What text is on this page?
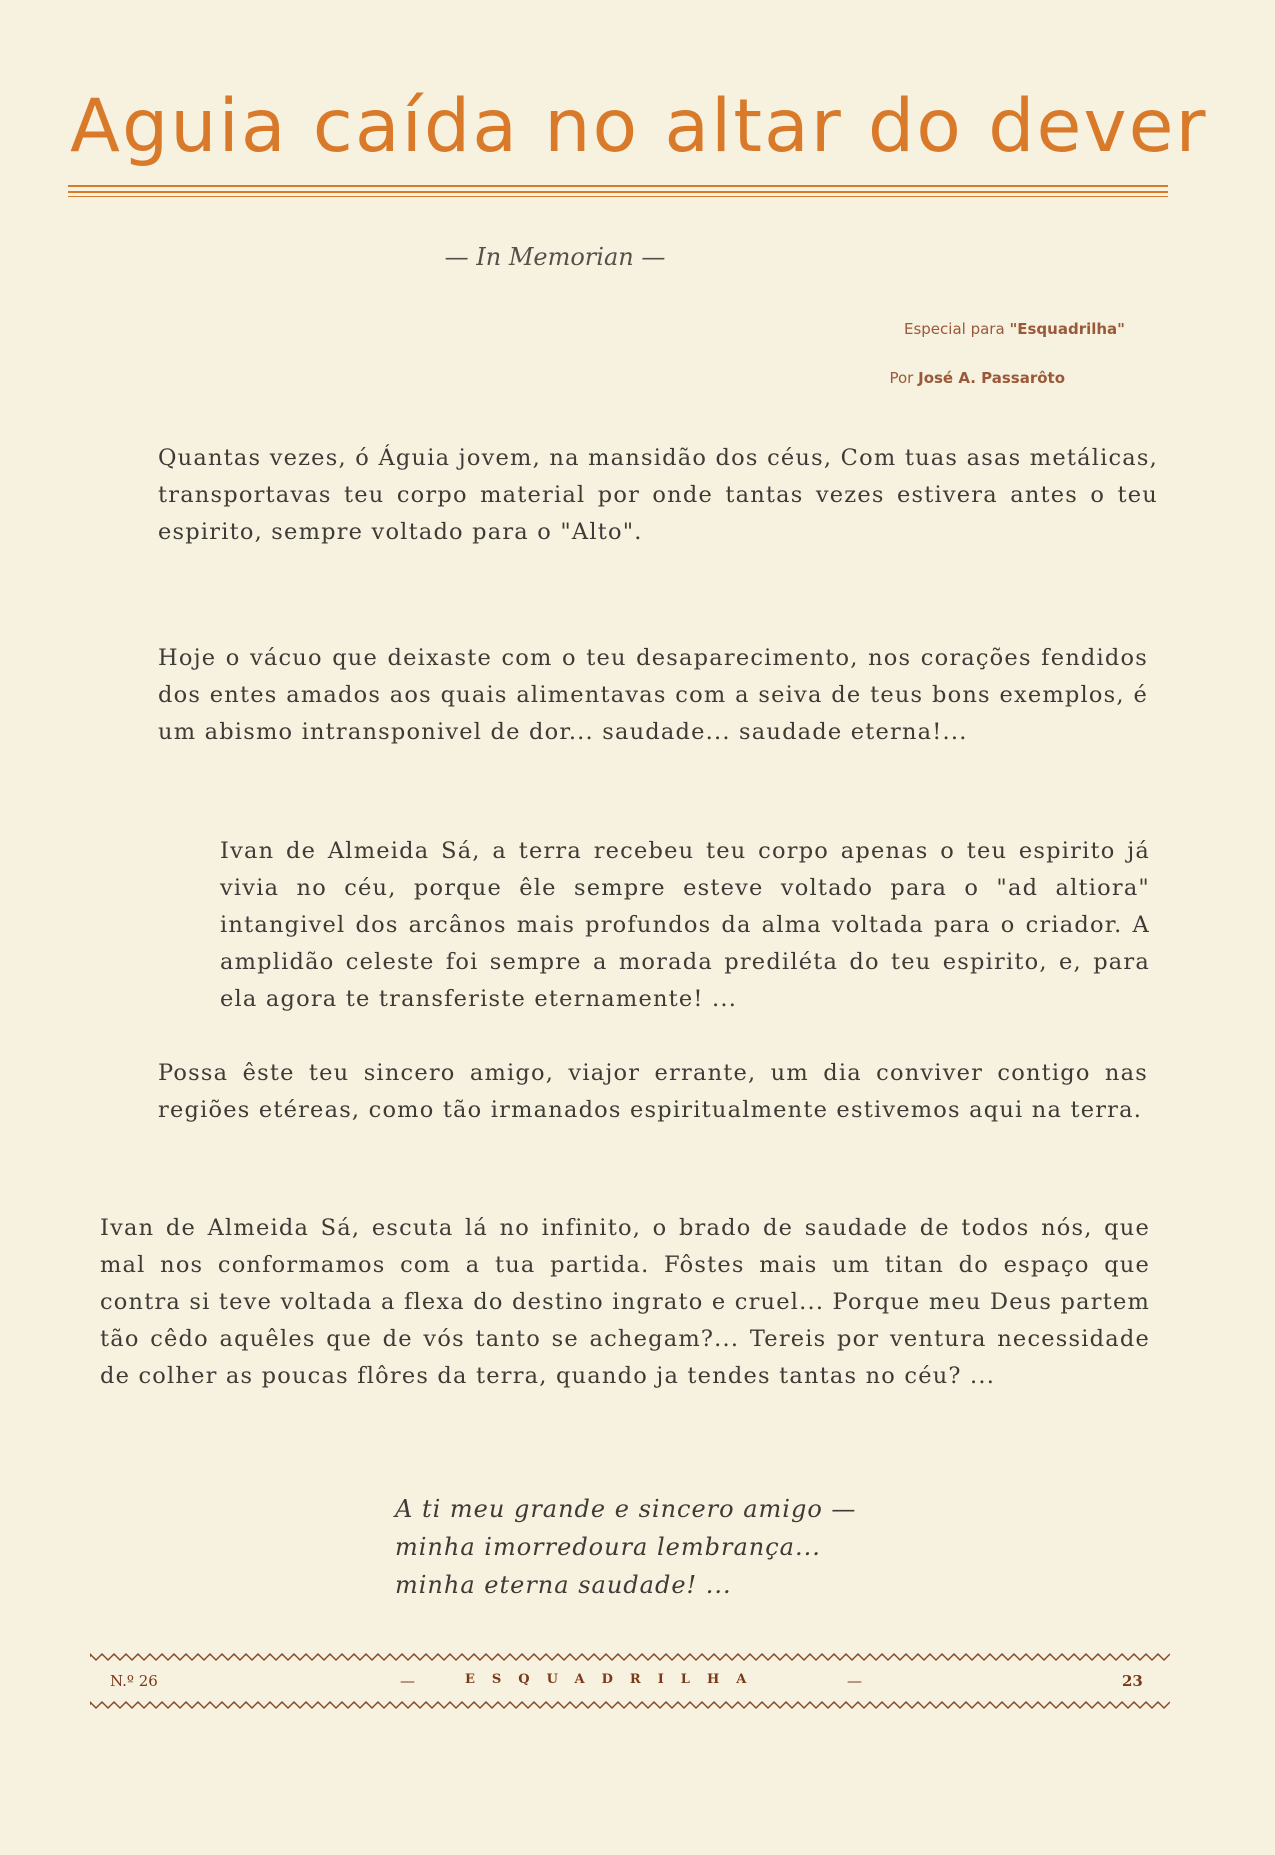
Aguia caída no altar do dever
— In Memorian —
Especial para "Esquadrilha"
Por José A. Passarôto

Quantas vezes, ó Águia jovem, na mansidão dos céus, Com tuas asas metálicas, transportavas teu corpo material por onde tantas vezes estivera antes o teu espirito, sempre voltado para o "Alto".

Hoje o vácuo que deixaste com o teu desaparecimento, nos corações fendidos dos entes amados aos quais alimentavas com a seiva de teus bons exemplos, é um abismo intransponivel de dor... saudade... saudade eterna!...

Ivan de Almeida Sá, a terra recebeu teu corpo apenas o teu espirito já vivia no céu, porque êle sempre esteve voltado para o "ad altiora" intangivel dos arcânos mais profundos da alma voltada para o criador. A amplidão celeste foi sempre a morada prediléta do teu espirito, e, para ela agora te transferiste eternamente! ...

Possa êste teu sincero amigo, viajor errante, um dia conviver contigo nas regiões etéreas, como tão irmanados espiritualmente estivemos aqui na terra.

Ivan de Almeida Sá, escuta lá no infinito, o brado de saudade de todos nós, que mal nos conformamos com a tua partida. Fôstes mais um titan do espaço que contra si teve voltada a flexa do destino ingrato e cruel... Porque meu Deus partem tão cêdo aquêles que de vós tanto se achegam?... Tereis por ventura necessidade de colher as poucas flôres da terra, quando ja tendes tantas no céu? ...

A ti meu grande e sincero amigo —
minha imorredoura lembrança...
minha eterna saudade! ...
N.º 26	—	ESQUADRILHA	—	23
